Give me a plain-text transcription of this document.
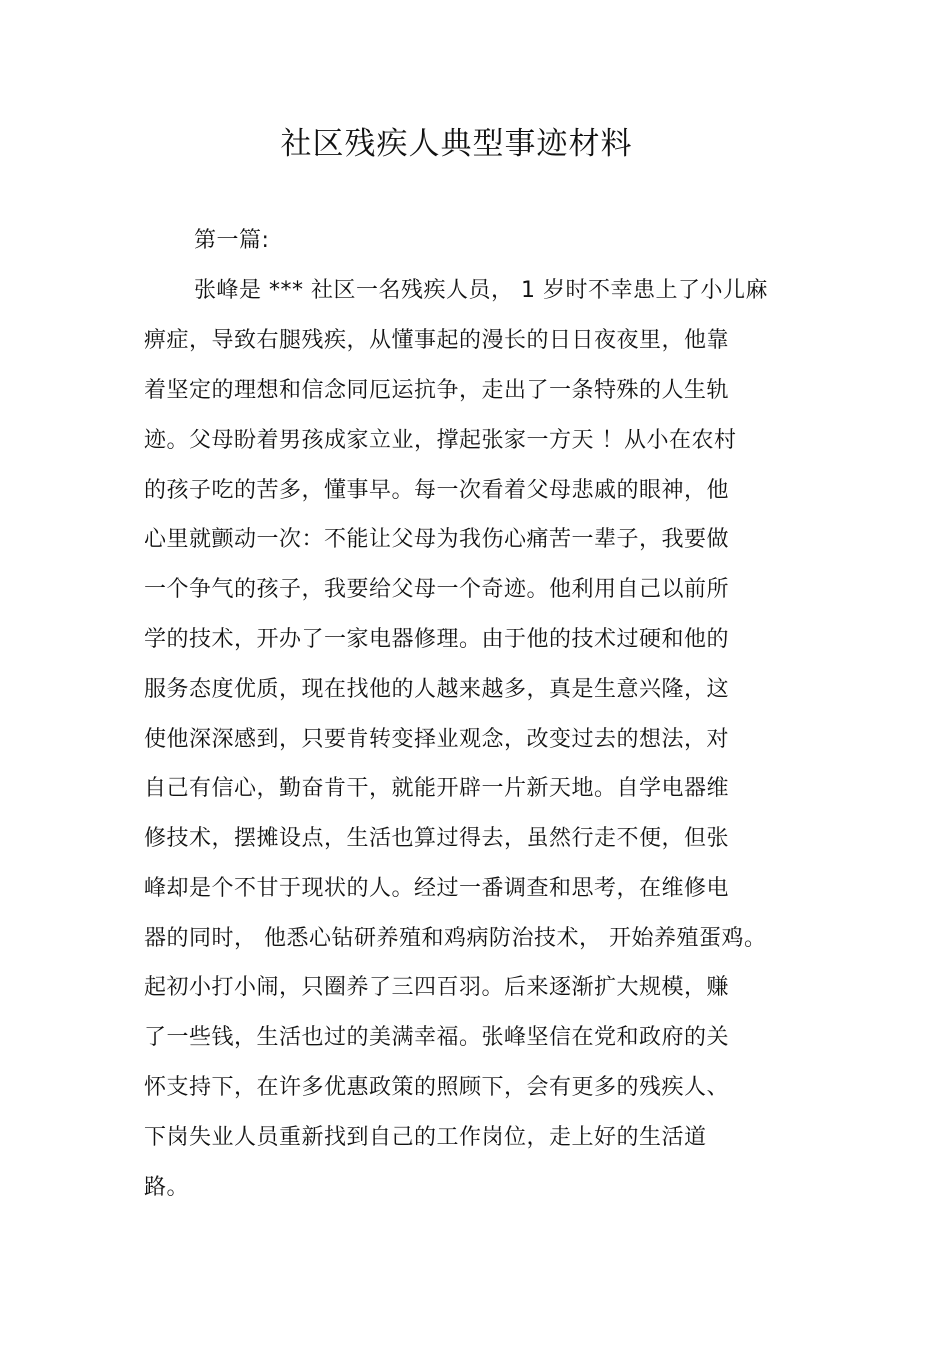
社区残疾人典型事迹材料
第一篇:
张峰是 *** 社区一名残疾人员， 1 岁时不幸患上了小儿麻
痹症，导致右腿残疾，从懂事起的漫长的日日夜夜里，他靠
着坚定的理想和信念同厄运抗争，走出了一条特殊的人生轨
迹。父母盼着男孩成家立业，撑起张家一方天 ！从小在农村
的孩子吃的苦多，懂事早。每一次看着父母悲戚的眼神，他
心里就颤动一次：不能让父母为我伤心痛苦一辈子，我要做
一个争气的孩子，我要给父母一个奇迹。他利用自己以前所
学的技术，开办了一家电器修理。由于他的技术过硬和他的
服务态度优质，现在找他的人越来越多，真是生意兴隆，这
使他深深感到，只要肯转变择业观念，改变过去的想法，对
自己有信心，勤奋肯干，就能开辟一片新天地。自学电器维
修技术，摆摊设点，生活也算过得去，虽然行走不便，但张
峰却是个不甘于现状的人。经过一番调查和思考，在维修电
器的同时， 他悉心钻研养殖和鸡病防治技术， 开始养殖蛋鸡。
起初小打小闹，只圈养了三四百羽。后来逐渐扩大规模，赚
了一些钱，生活也过的美满幸福。张峰坚信在党和政府的关
怀支持下，在许多优惠政策的照顾下，会有更多的残疾人、
下岗失业人员重新找到自己的工作岗位，走上好的生活道
路。
